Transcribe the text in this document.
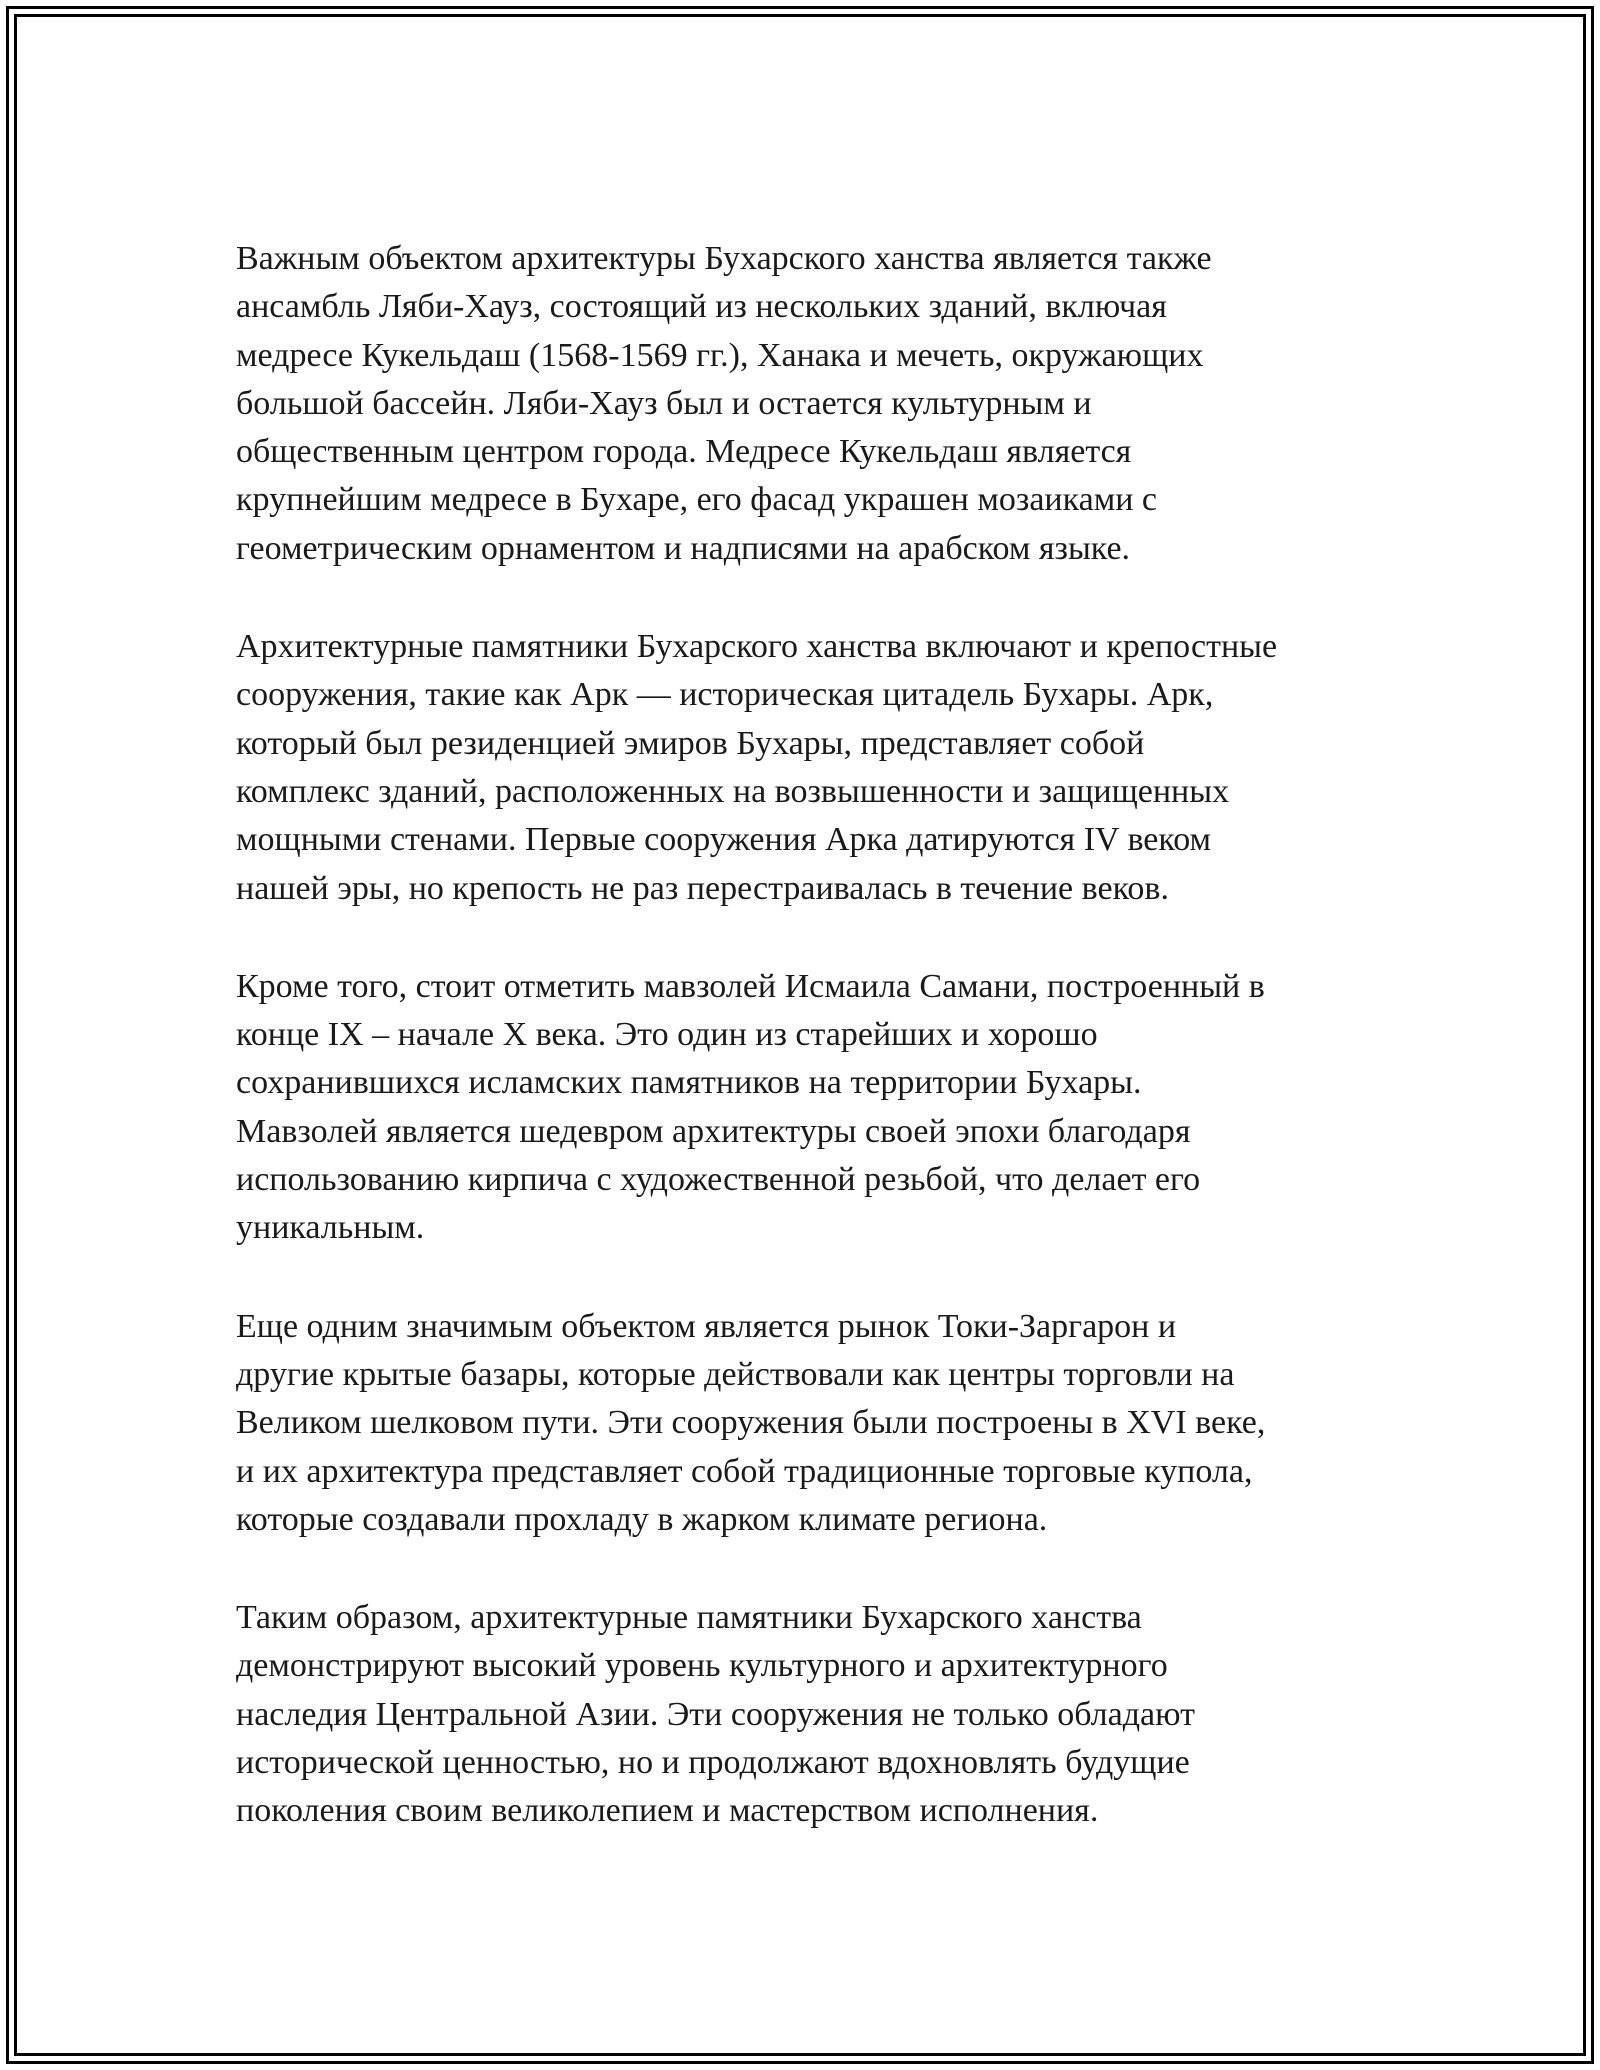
Важным объектом архитектуры Бухарского ханства является также
ансамбль Ляби-Хауз, состоящий из нескольких зданий, включая
медресе Кукельдаш (1568-1569 гг.), Ханака и мечеть, окружающих
большой бассейн. Ляби-Хауз был и остается культурным и
общественным центром города. Медресе Кукельдаш является
крупнейшим медресе в Бухаре, его фасад украшен мозаиками с
геометрическим орнаментом и надписями на арабском языке.

Архитектурные памятники Бухарского ханства включают и крепостные
сооружения, такие как Арк — историческая цитадель Бухары. Арк,
который был резиденцией эмиров Бухары, представляет собой
комплекс зданий, расположенных на возвышенности и защищенных
мощными стенами. Первые сооружения Арка датируются IV веком
нашей эры, но крепость не раз перестраивалась в течение веков.

Кроме того, стоит отметить мавзолей Исмаила Самани, построенный в
конце IX – начале X века. Это один из старейших и хорошо
сохранившихся исламских памятников на территории Бухары.
Мавзолей является шедевром архитектуры своей эпохи благодаря
использованию кирпича с художественной резьбой, что делает его
уникальным.

Еще одним значимым объектом является рынок Токи-Заргарон и
другие крытые базары, которые действовали как центры торговли на
Великом шелковом пути. Эти сооружения были построены в XVI веке,
и их архитектура представляет собой традиционные торговые купола,
которые создавали прохладу в жарком климате региона.

Таким образом, архитектурные памятники Бухарского ханства
демонстрируют высокий уровень культурного и архитектурного
наследия Центральной Азии. Эти сооружения не только обладают
исторической ценностью, но и продолжают вдохновлять будущие
поколения своим великолепием и мастерством исполнения.
